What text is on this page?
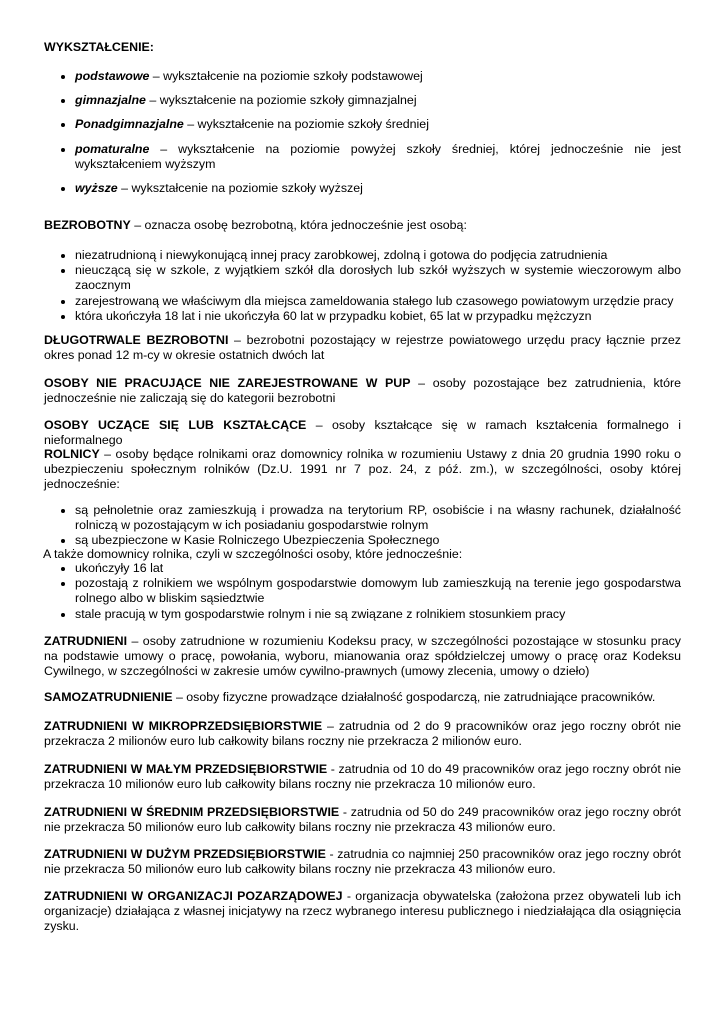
WYKSZTAŁCENIE:

podstawowe – wykształcenie na poziomie szkoły podstawowej
gimnazjalne – wykształcenie na poziomie szkoły gimnazjalnej
Ponadgimnazjalne – wykształcenie na poziomie szkoły średniej
pomaturalne – wykształcenie na poziomie powyżej szkoły średniej, której jednocześnie nie jest wykształceniem wyższym
wyższe – wykształcenie na poziomie szkoły wyższej

BEZROBOTNY – oznacza osobę bezrobotną, która jednocześnie jest osobą:

niezatrudnioną i niewykonującą innej pracy zarobkowej, zdolną i gotowa do podjęcia zatrudnienia
nieuczącą się w szkole, z wyjątkiem szkół dla dorosłych lub szkół wyższych w systemie wieczorowym albo zaocznym
zarejestrowaną we właściwym dla miejsca zameldowania stałego lub czasowego powiatowym urzędzie pracy
która ukończyła 18 lat i nie ukończyła 60 lat w przypadku kobiet, 65 lat w przypadku mężczyzn

DŁUGOTRWALE BEZROBOTNI – bezrobotni pozostający w rejestrze powiatowego urzędu pracy łącznie przez okres ponad 12 m-cy w okresie ostatnich dwóch lat

OSOBY NIE PRACUJĄCE NIE ZAREJESTROWANE W PUP – osoby pozostające bez zatrudnienia, które jednocześnie nie zaliczają się do kategorii bezrobotni

OSOBY UCZĄCE SIĘ LUB KSZTAŁCĄCE – osoby kształcące się w ramach kształcenia formalnego i nieformalnego

ROLNICY – osoby będące rolnikami oraz domownicy rolnika w rozumieniu Ustawy z dnia 20 grudnia 1990 roku o ubezpieczeniu społecznym rolników (Dz.U. 1991 nr 7 poz. 24, z póź. zm.), w szczególności, osoby której jednocześnie:

są pełnoletnie oraz zamieszkują i prowadza na terytorium RP, osobiście i na własny rachunek, działalność rolniczą w pozostającym w ich posiadaniu gospodarstwie rolnym
są ubezpieczone w Kasie Rolniczego Ubezpieczenia Społecznego

A także domownicy rolnika, czyli w szczególności osoby, które jednocześnie:

ukończyły 16 lat
pozostają z rolnikiem we wspólnym gospodarstwie domowym lub zamieszkują na terenie jego gospodarstwa rolnego albo w bliskim sąsiedztwie
stale pracują w tym gospodarstwie rolnym i nie są związane z rolnikiem stosunkiem pracy

ZATRUDNIENI – osoby zatrudnione w rozumieniu Kodeksu pracy, w szczególności pozostające w stosunku pracy na podstawie umowy o pracę, powołania, wyboru, mianowania oraz spółdzielczej umowy o pracę oraz Kodeksu Cywilnego, w szczególności w zakresie umów cywilno-prawnych (umowy zlecenia, umowy o dzieło)

SAMOZATRUDNIENIE – osoby fizyczne prowadzące działalność gospodarczą, nie zatrudniające pracowników.

ZATRUDNIENI W MIKROPRZEDSIĘBIORSTWIE – zatrudnia od 2 do 9 pracowników oraz jego roczny obrót nie przekracza 2 milionów euro lub całkowity bilans roczny nie przekracza 2 milionów euro.

ZATRUDNIENI W MAŁYM PRZEDSIĘBIORSTWIE - zatrudnia od 10 do 49 pracowników oraz jego roczny obrót nie przekracza 10 milionów euro lub całkowity bilans roczny nie przekracza 10 milionów euro.

ZATRUDNIENI W ŚREDNIM PRZEDSIĘBIORSTWIE - zatrudnia od 50 do 249 pracowników oraz jego roczny obrót nie przekracza 50 milionów euro lub całkowity bilans roczny nie przekracza 43 milionów euro.

ZATRUDNIENI W DUŻYM PRZEDSIĘBIORSTWIE - zatrudnia co najmniej 250 pracowników oraz jego roczny obrót nie przekracza 50 milionów euro lub całkowity bilans roczny nie przekracza 43 milionów euro.

ZATRUDNIENI W ORGANIZACJI POZARZĄDOWEJ - organizacja obywatelska (założona przez obywateli lub ich organizacje) działająca z własnej inicjatywy na rzecz wybranego interesu publicznego i niedziałająca dla osiągnięcia zysku.
